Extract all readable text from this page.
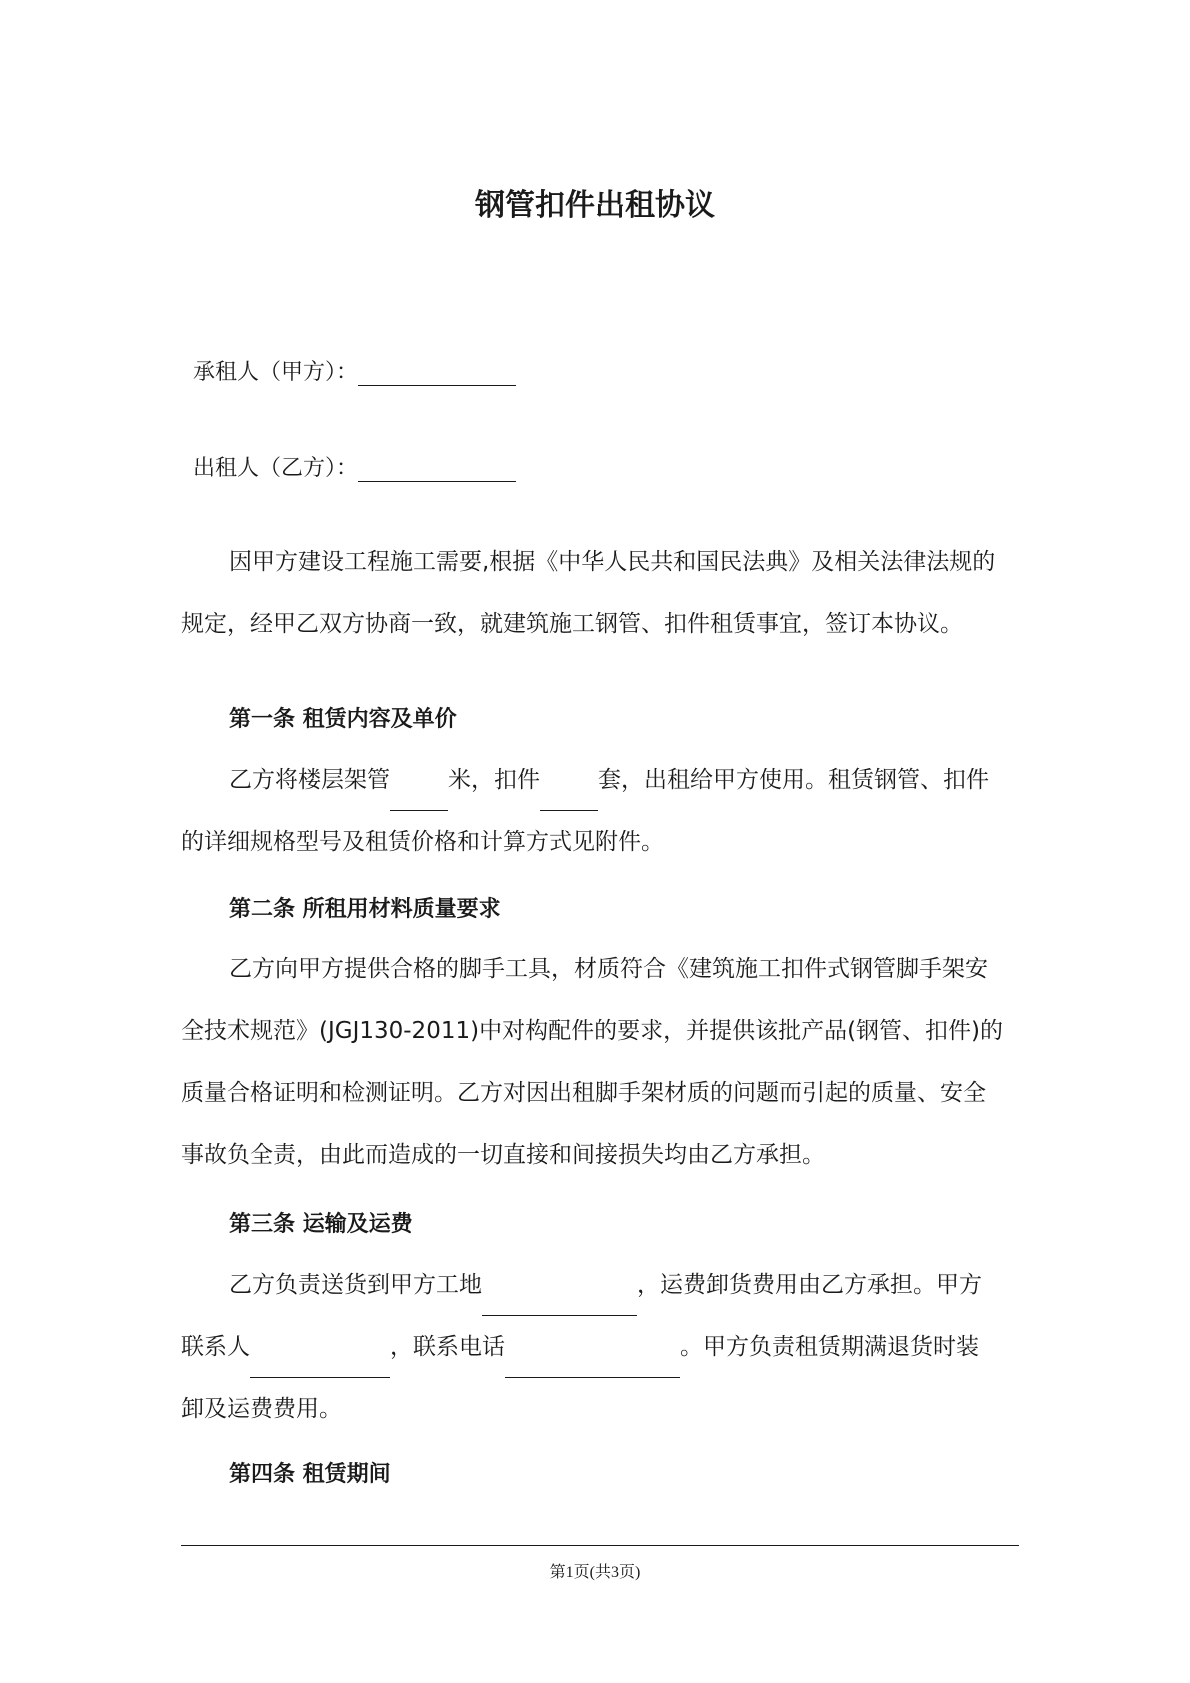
钢管扣件出租协议
承租人（甲方）：
出租人（乙方）：
因甲方建设工程施工需要,根据《中华人民共和国民法典》及相关法律法规的
规定，经甲乙双方协商一致，就建筑施工钢管、扣件租赁事宜，签订本协议。
第一条 租赁内容及单价
乙方将楼层架管	米，扣件	套，出租给甲方使用。租赁钢管、扣件
的详细规格型号及租赁价格和计算方式见附件。
第二条 所租用材料质量要求
乙方向甲方提供合格的脚手工具，材质符合《建筑施工扣件式钢管脚手架安
全技术规范》(JGJ130-2011)中对构配件的要求，并提供该批产品(钢管、扣件)的
质量合格证明和检测证明。乙方对因出租脚手架材质的问题而引起的质量、安全
事故负全责，由此而造成的一切直接和间接损失均由乙方承担。
第三条 运输及运费
乙方负责送货到甲方工地	，运费卸货费用由乙方承担。甲方
联系人	，联系电话	。甲方负责租赁期满退货时装
卸及运费费用。
第四条 租赁期间
第1页(共3页)
